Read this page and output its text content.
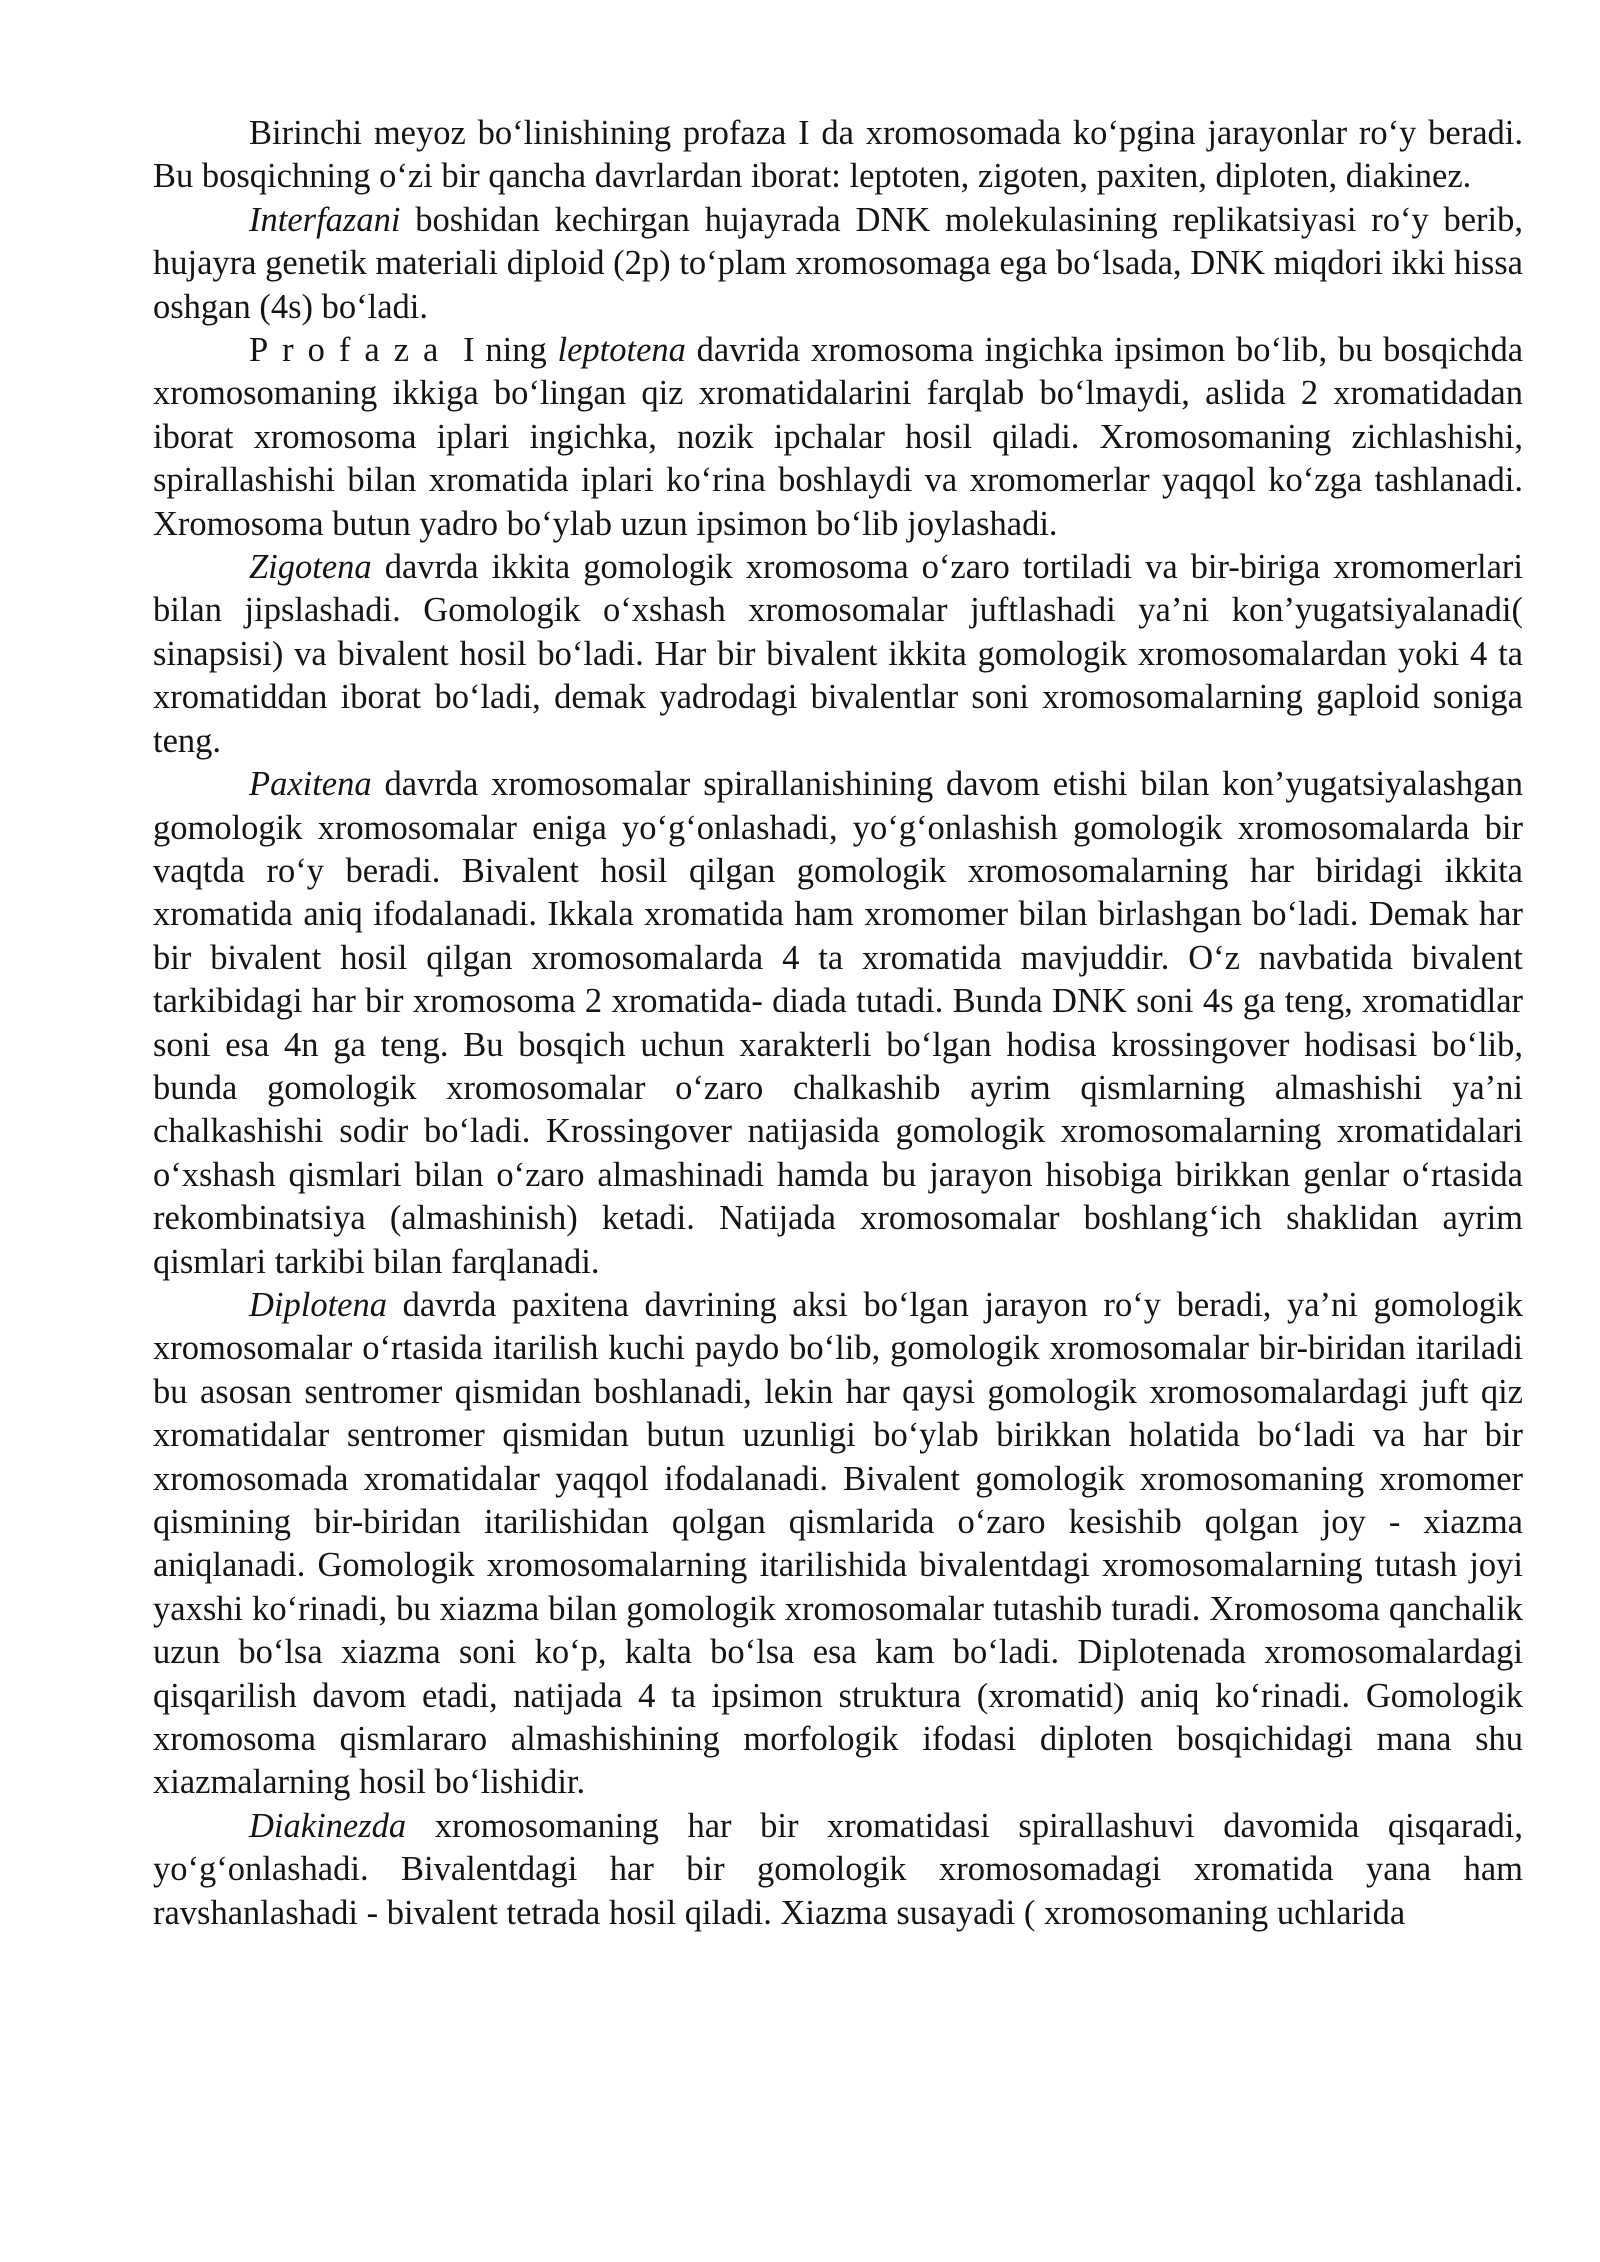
Birinchi meyoz bo‘linishining profaza I da xromosomada ko‘pgina jarayonlar ro‘y beradi. Bu bosqichning o‘zi bir qancha davrlardan iborat: leptoten, zigoten, paxiten, diploten, diakinez.

Interfazani boshidan kechirgan hujayrada DNK molekulasining replikatsiyasi ro‘y berib, hujayra genetik materiali diploid (2p) to‘plam xromosomaga ega bo‘lsada, DNK miqdori ikki hissa oshgan (4s) bo‘ladi.

Profaza I ning leptotena davrida xromosoma ingichka ipsimon bo‘lib, bu bosqichda xromosomaning ikkiga bo‘lingan qiz xromatidalarini farqlab bo‘lmaydi, aslida 2 xromatidadan iborat xromosoma iplari ingichka, nozik ipchalar hosil qiladi. Xromosomaning zichlashishi, spirallashishi bilan xromatida iplari ko‘rina boshlaydi va xromomerlar yaqqol ko‘zga tashlanadi. Xromosoma butun yadro bo‘ylab uzun ipsimon bo‘lib joylashadi.

Zigotena davrda ikkita gomologik xromosoma o‘zaro tortiladi va bir-biriga xromomerlari bilan jipslashadi. Gomologik o‘xshash xromosomalar juftlashadi ya’ni kon’yugatsiyalanadi( sinapsisi) va bivalent hosil bo‘ladi. Har bir bivalent ikkita gomologik xromosomalardan yoki 4 ta xromatiddan iborat bo‘ladi, demak yadrodagi bivalentlar soni xromosomalarning gaploid soniga teng.

Paxitena davrda xromosomalar spirallanishining davom etishi bilan kon’yugatsiyalashgan gomologik xromosomalar eniga yo‘g‘onlashadi, yo‘g‘onlashish gomologik xromosomalarda bir vaqtda ro‘y beradi. Bivalent hosil qilgan gomologik xromosomalarning har biridagi ikkita xromatida aniq ifodalanadi. Ikkala xromatida ham xromomer bilan birlashgan bo‘ladi. Demak har bir bivalent hosil qilgan xromosomalarda 4 ta xromatida mavjuddir. O‘z navbatida bivalent tarkibidagi har bir xromosoma 2 xromatida- diada tutadi. Bunda DNK soni 4s ga teng, xromatidlar soni esa 4n ga teng. Bu bosqich uchun xarakterli bo‘lgan hodisa krossingover hodisasi bo‘lib, bunda gomologik xromosomalar o‘zaro chalkashib ayrim qismlarning almashishi ya’ni chalkashishi sodir bo‘ladi. Krossingover natijasida gomologik xromosomalarning xromatidalari o‘xshash qismlari bilan o‘zaro almashinadi hamda bu jarayon hisobiga birikkan genlar o‘rtasida rekombinatsiya (almashinish) ketadi. Natijada xromosomalar boshlang‘ich shaklidan ayrim qismlari tarkibi bilan farqlanadi.

Diplotena davrda paxitena davrining aksi bo‘lgan jarayon ro‘y beradi, ya’ni gomologik xromosomalar o‘rtasida itarilish kuchi paydo bo‘lib, gomologik xromosomalar bir-biridan itariladi bu asosan sentromer qismidan boshlanadi, lekin har qaysi gomologik xromosomalardagi juft qiz xromatidalar sentromer qismidan butun uzunligi bo‘ylab birikkan holatida bo‘ladi va har bir xromosomada xromatidalar yaqqol ifodalanadi. Bivalent gomologik xromosomaning xromomer qismining bir-biridan itarilishidan qolgan qismlarida o‘zaro kesishib qolgan joy - xiazma aniqlanadi. Gomologik xromosomalarning itarilishida bivalentdagi xromosomalarning tutash joyi yaxshi ko‘rinadi, bu xiazma bilan gomologik xromosomalar tutashib turadi. Xromosoma qanchalik uzun bo‘lsa xiazma soni ko‘p, kalta bo‘lsa esa kam bo‘ladi. Diplotenada xromosomalardagi qisqarilish davom etadi, natijada 4 ta ipsimon struktura (xromatid) aniq ko‘rinadi. Gomologik xromosoma qismlararo almashishining morfologik ifodasi diploten bosqichidagi mana shu xiazmalarning hosil bo‘lishidir.

Diakinezda xromosomaning har bir xromatidasi spirallashuvi davomida qisqaradi, yo‘g‘onlashadi. Bivalentdagi har bir gomologik xromosomadagi xromatida yana ham ravshanlashadi - bivalent tetrada hosil qiladi. Xiazma susayadi ( xromosomaning uchlarida
